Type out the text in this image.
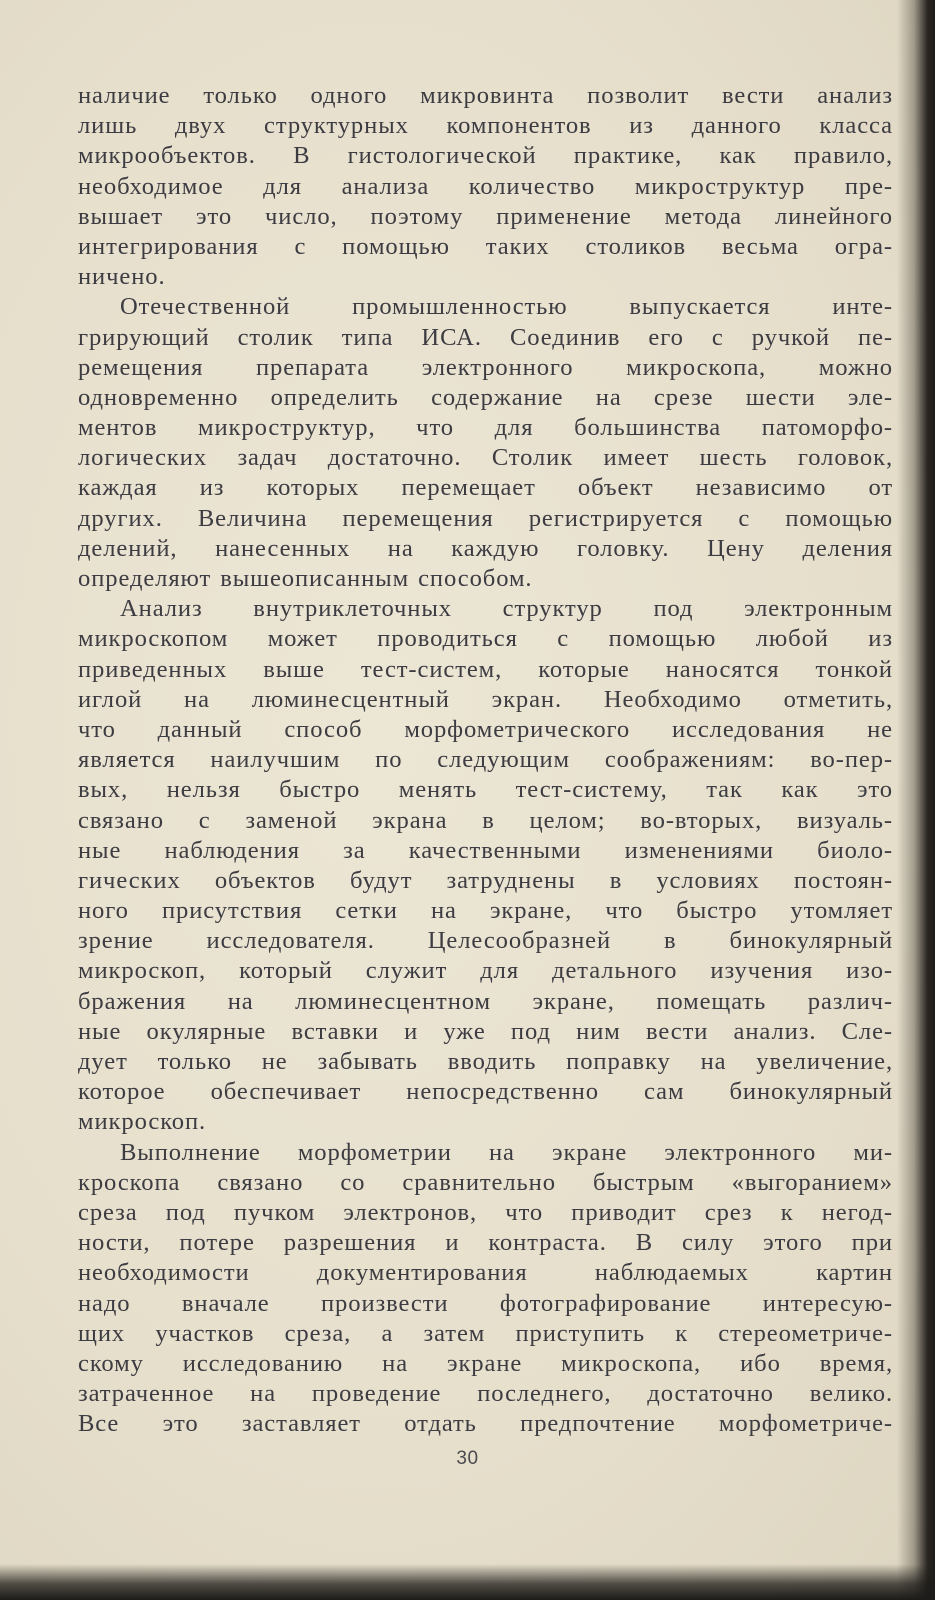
наличие только одного микровинта позволит вести анализ
лишь двух структурных компонентов из данного класса
микрообъектов. В гистологической практике, как правило,
необходимое для анализа количество микроструктур пре-
вышает это число, поэтому применение метода линейного
интегрирования с помощью таких столиков весьма огра-
ничено.

Отечественной промышленностью выпускается инте-
грирующий столик типа ИСА. Соединив его с ручкой пе-
ремещения препарата электронного микроскопа, можно
одновременно определить содержание на срезе шести эле-
ментов микроструктур, что для большинства патоморфо-
логических задач достаточно. Столик имеет шесть головок,
каждая из которых перемещает объект независимо от
других. Величина перемещения регистрируется с помощью
делений, нанесенных на каждую головку. Цену деления
определяют вышеописанным способом.

Анализ внутриклеточных структур под электронным
микроскопом может проводиться с помощью любой из
приведенных выше тест-систем, которые наносятся тонкой
иглой на люминесцентный экран. Необходимо отметить,
что данный способ морфометрического исследования не
является наилучшим по следующим соображениям: во-пер-
вых, нельзя быстро менять тест-систему, так как это
связано с заменой экрана в целом; во-вторых, визуаль-
ные наблюдения за качественными изменениями биоло-
гических объектов будут затруднены в условиях постоян-
ного присутствия сетки на экране, что быстро утомляет
зрение исследователя. Целесообразней в бинокулярный
микроскоп, который служит для детального изучения изо-
бражения на люминесцентном экране, помещать различ-
ные окулярные вставки и уже под ним вести анализ. Сле-
дует только не забывать вводить поправку на увеличение,
которое обеспечивает непосредственно сам бинокулярный
микроскоп.

Выполнение морфометрии на экране электронного ми-
кроскопа связано со сравнительно быстрым «выгоранием»
среза под пучком электронов, что приводит срез к негод-
ности, потере разрешения и контраста. В силу этого при
необходимости документирования наблюдаемых картин
надо вначале произвести фотографирование интересую-
щих участков среза, а затем приступить к стереометриче-
скому исследованию на экране микроскопа, ибо время,
затраченное на проведение последнего, достаточно велико.
Все это заставляет отдать предпочтение морфометриче-

30
